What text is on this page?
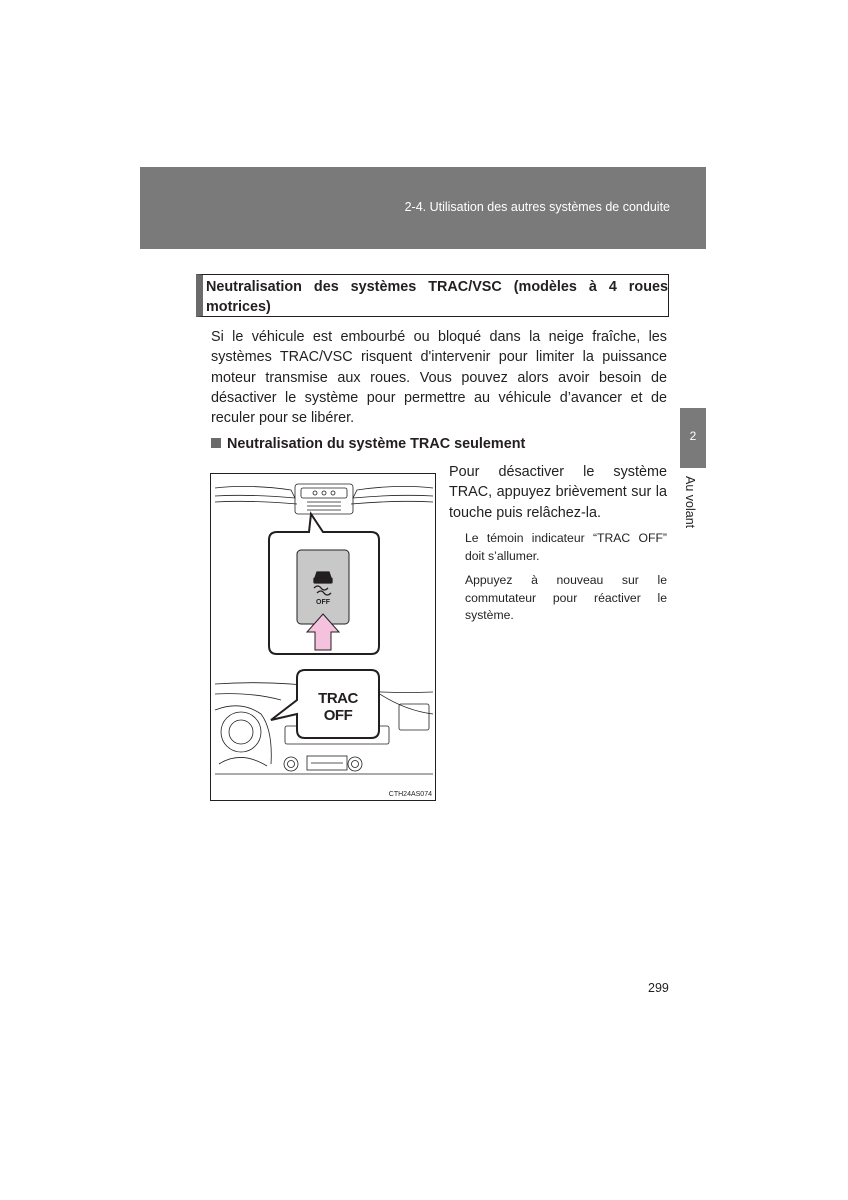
2-4. Utilisation des autres systèmes de conduite
2
Au volant
Neutralisation des systèmes TRAC/VSC (modèles à 4 roues
motrices)

Si le véhicule est embourbé ou bloqué dans la neige fraîche, les systèmes TRAC/VSC risquent d'intervenir pour limiter la puissance moteur transmise aux roues. Vous pouvez alors avoir besoin de désactiver le système pour permettre au véhicule d’avancer et de reculer pour se libérer.

Neutralisation du système TRAC seulement

Pour désactiver le système TRAC, appuyez brièvement sur la touche puis relâchez-la.

Le témoin indicateur “TRAC OFF” doit s’allumer.

Appuyez à nouveau sur le commutateur pour réactiver le système.

OFF
TRAC
OFF
CTH24AS074
299
